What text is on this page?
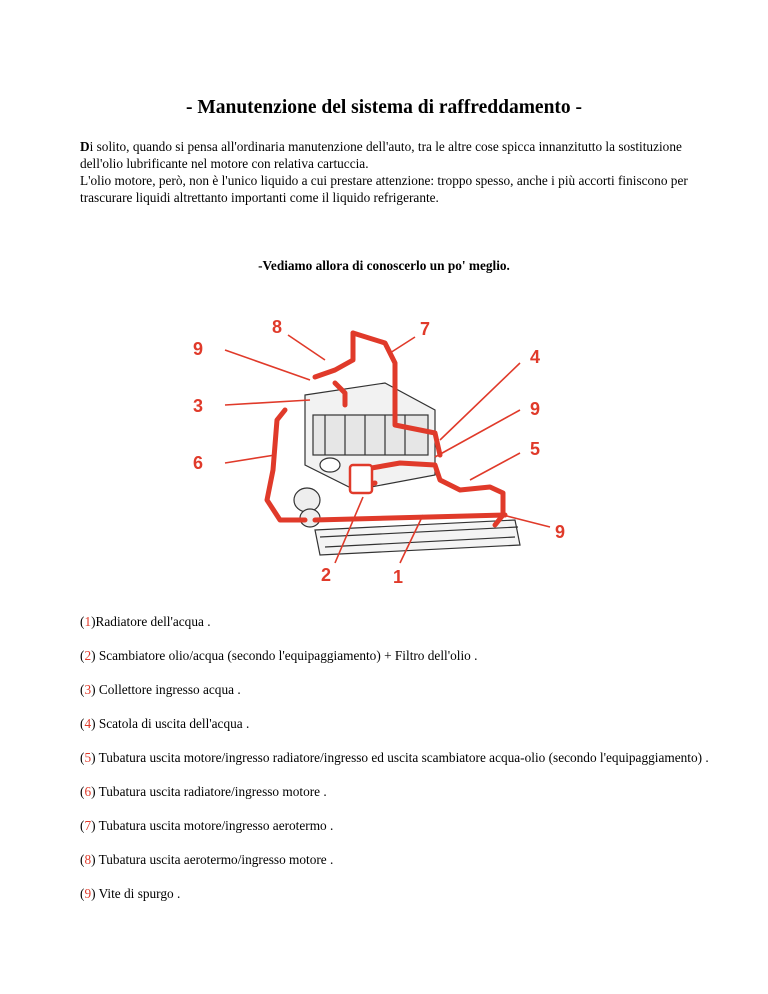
- Manutenzione del sistema di raffreddamento -

Di solito, quando si pensa all'ordinaria manutenzione dell'auto, tra le altre cose spicca innanzitutto la sostituzione dell'olio lubrificante nel motore con relativa cartuccia.

L'olio motore, però, non è l'unico liquido a cui prestare attenzione: troppo spesso, anche i più accorti finiscono per trascurare liquidi altrettanto importanti come il liquido refrigerante.

-Vediamo allora di conoscerlo un po' meglio.
8	7
9	4
3	9
5
6
9
2	1
(1)Radiatore dell'acqua .
(2) Scambiatore olio/acqua (secondo l'equipaggiamento) + Filtro dell'olio .
(3) Collettore ingresso acqua .
(4) Scatola di uscita dell'acqua .
(5) Tubatura uscita motore/ingresso radiatore/ingresso ed uscita scambiatore acqua-olio (secondo l'equipaggiamento) .
(6) Tubatura uscita radiatore/ingresso motore .
(7) Tubatura uscita motore/ingresso aerotermo .
(8) Tubatura uscita aerotermo/ingresso motore .
(9) Vite di spurgo .
